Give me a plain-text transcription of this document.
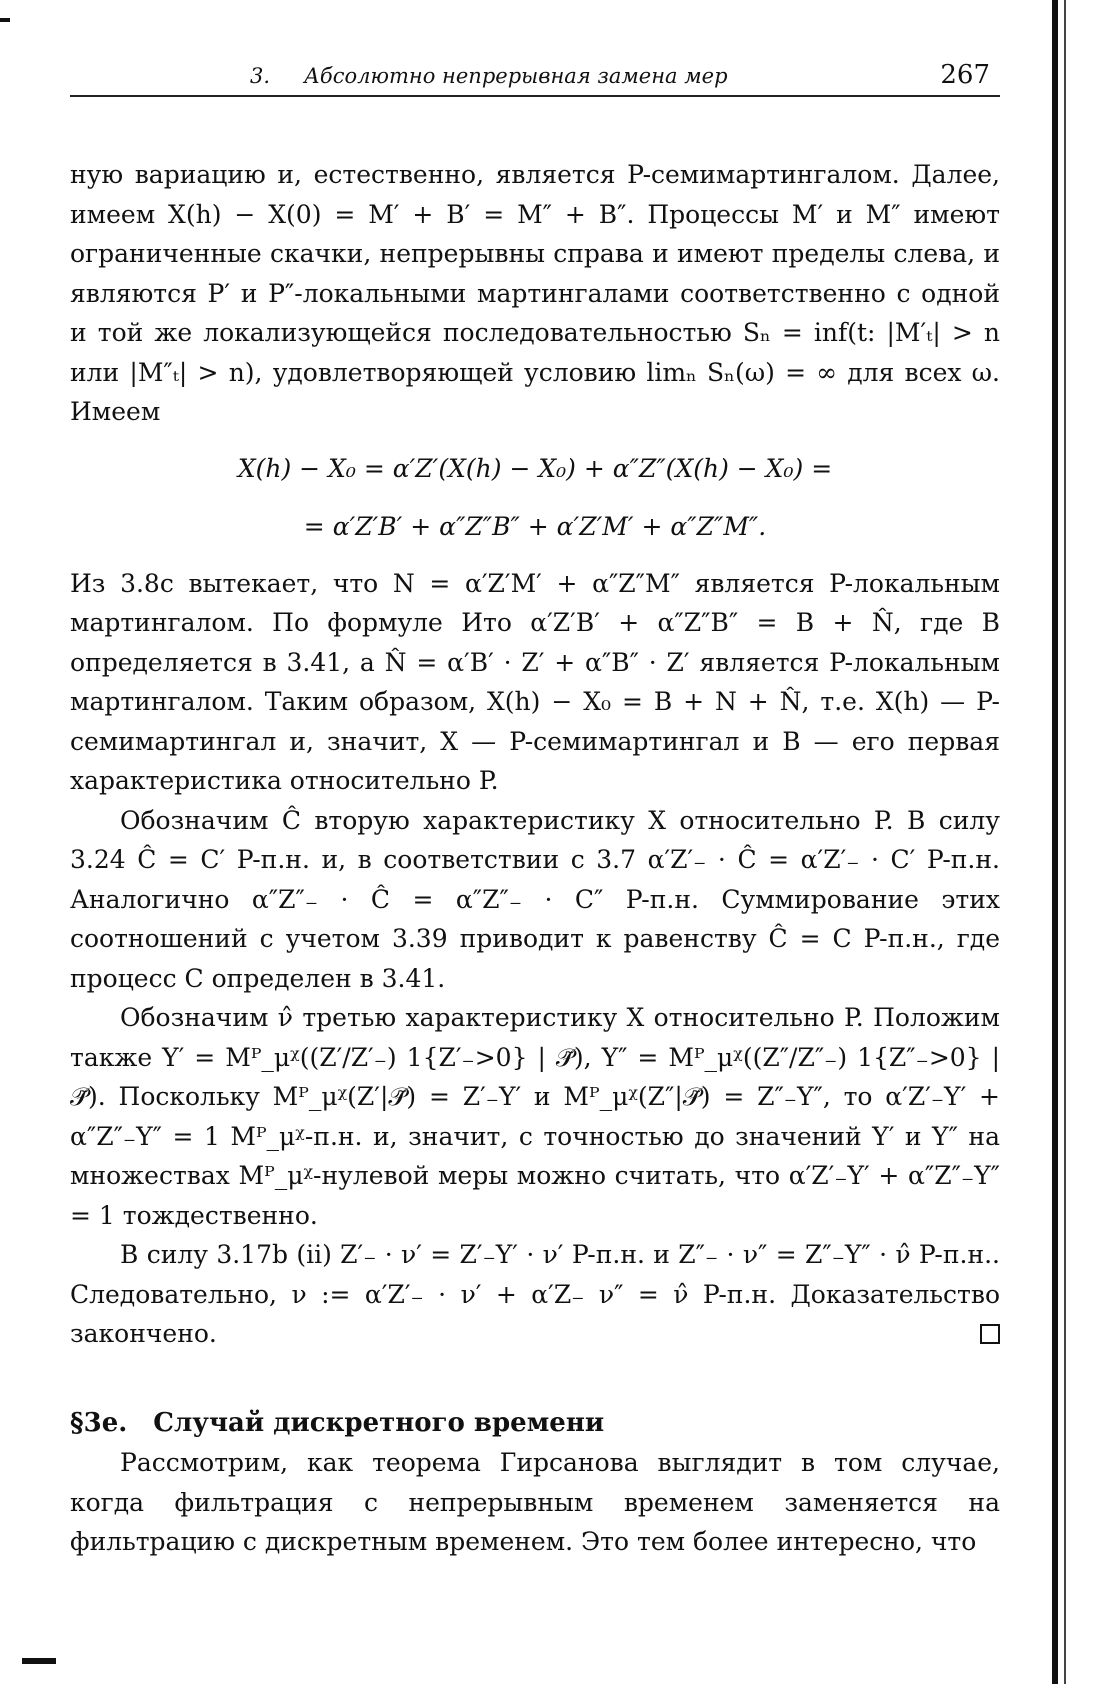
3. Абсолютно непрерывная замена мер	267

ную вариацию и, естественно, является P-семимартингалом. Далее, имеем X(h) − X(0) = M′ + B′ = M″ + B″. Процессы M′ и M″ имеют ограниченные скачки, непрерывны справа и имеют пределы слева, и являются P′ и P″-локальными мартингалами соответственно с одной и той же локализующейся последовательностью Sₙ = inf(t: |M′ₜ| > n или |M″ₜ| > n), удовлетворяющей условию limₙ Sₙ(ω) = ∞ для всех ω. Имеем

X(h) − X₀ = α′Z′(X(h) − X₀) + α″Z″(X(h) − X₀) =
= α′Z′B′ + α″Z″B″ + α′Z′M′ + α″Z″M″.

Из 3.8с вытекает, что N = α′Z′M′ + α″Z″M″ является P-локальным мартингалом. По формуле Ито α′Z′B′ + α″Z″B″ = B + N̂, где B определяется в 3.41, а N̂ = α′B′ · Z′ + α″B″ · Z′ является P-локальным мартингалом. Таким образом, X(h) − X₀ = B + N + N̂, т.е. X(h) — P-семимартингал и, значит, X — P-семимартингал и B — его первая характеристика относительно P.

Обозначим Ĉ вторую характеристику X относительно P. В силу 3.24 Ĉ = C′ P-п.н. и, в соответствии с 3.7 α′Z′₋ · Ĉ = α′Z′₋ · C′ P-п.н. Аналогично α″Z″₋ · Ĉ = α″Z″₋ · C″ P-п.н. Суммирование этих соотношений с учетом 3.39 приводит к равенству Ĉ = C P-п.н., где процесс C определен в 3.41.

Обозначим ν̂ третью характеристику X относительно P. Положим также Y′ = Mᴾ_μᵡ((Z′/Z′₋) 1{Z′₋>0} | 𝒫̃), Y″ = Mᴾ_μᵡ((Z″/Z″₋) 1{Z″₋>0} | 𝒫̃). Поскольку Mᴾ_μᵡ(Z′|𝒫̃) = Z′₋Y′ и Mᴾ_μᵡ(Z″|𝒫̃) = Z″₋Y″, то α′Z′₋Y′ + α″Z″₋Y″ = 1 Mᴾ_μᵡ-п.н. и, значит, с точностью до значений Y′ и Y″ на множествах Mᴾ_μᵡ-нулевой меры можно считать, что α′Z′₋Y′ + α″Z″₋Y″ = 1 тождественно.

В силу 3.17b (ii) Z′₋ · ν′ = Z′₋Y′ · ν′ P-п.н. и Z″₋ · ν″ = Z″₋Y″ · ν̂ P-п.н.. Следовательно, ν := α′Z′₋ · ν′ + α′Z₋ ν″ = ν̂ P-п.н. Доказательство закончено.

§3e. Случай дискретного времени

Рассмотрим, как теорема Гирсанова выглядит в том случае, когда фильтрация с непрерывным временем заменяется на фильтрацию с дискретным временем. Это тем более интересно, что
